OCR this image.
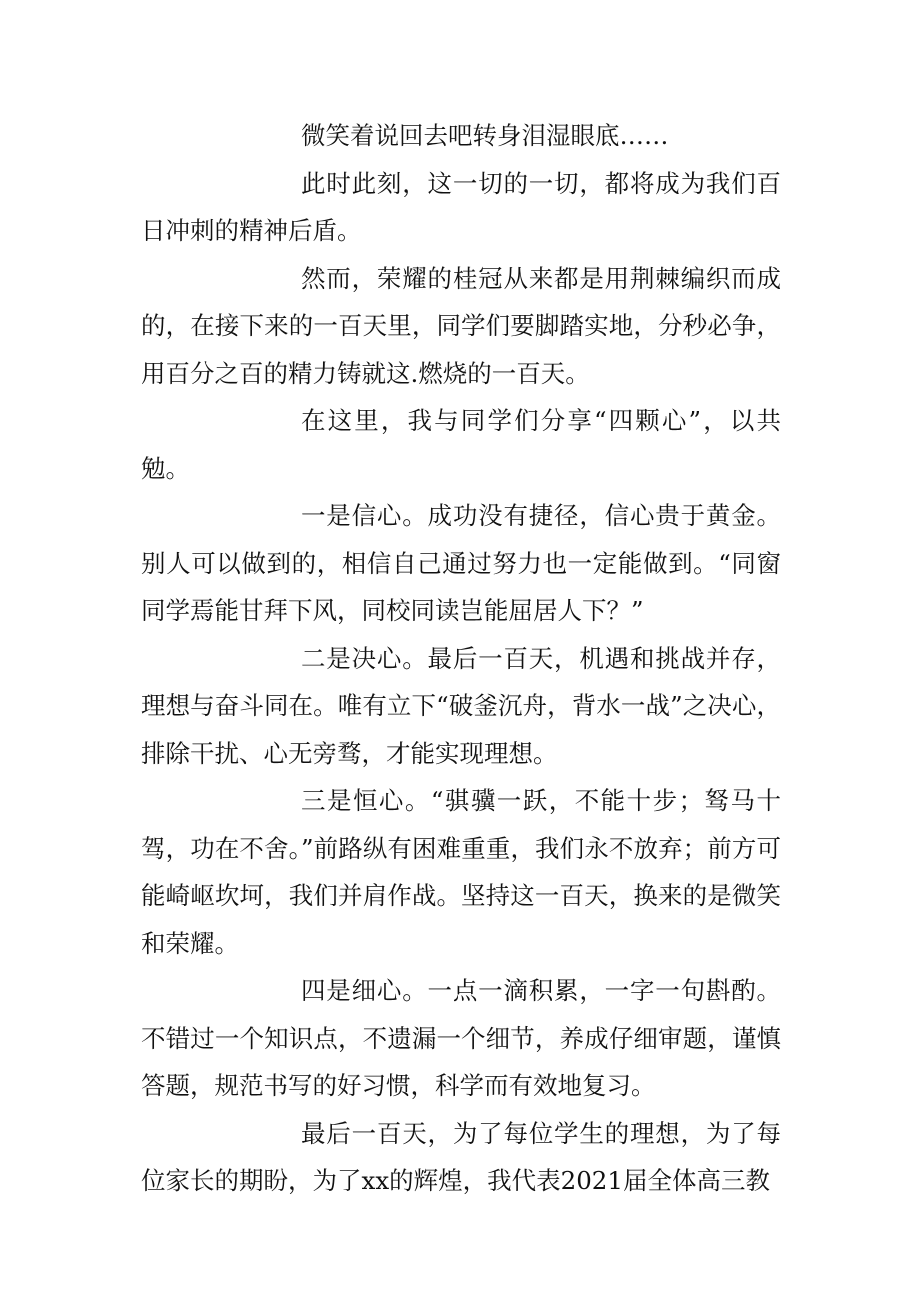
微笑着说回去吧转身泪湿眼底……

此时此刻，这一切的一切，都将成为我们百日冲刺的精神后盾。

然而，荣耀的桂冠从来都是用荆棘编织而成的，在接下来的一百天里，同学们要脚踏实地，分秒必争，用百分之百的精力铸就这.燃烧的一百天。

在这里，我与同学们分享“四颗心”，以共勉。

一是信心。成功没有捷径，信心贵于黄金。别人可以做到的，相信自己通过努力也一定能做到。“同窗同学焉能甘拜下风，同校同读岂能屈居人下？”

二是决心。最后一百天，机遇和挑战并存，理想与奋斗同在。唯有立下“破釜沉舟，背水一战”之决心，排除干扰、心无旁骛，才能实现理想。

三是恒心。“骐骥一跃，不能十步；驽马十驾，功在不舍。”前路纵有困难重重，我们永不放弃；前方可能崎岖坎坷，我们并肩作战。坚持这一百天，换来的是微笑和荣耀。

四是细心。一点一滴积累，一字一句斟酌。不错过一个知识点，不遗漏一个细节，养成仔细审题，谨慎答题，规范书写的好习惯，科学而有效地复习。

最后一百天，为了每位学生的理想，为了每位家长的期盼，为了xx的辉煌，我代表2021届全体高三教
